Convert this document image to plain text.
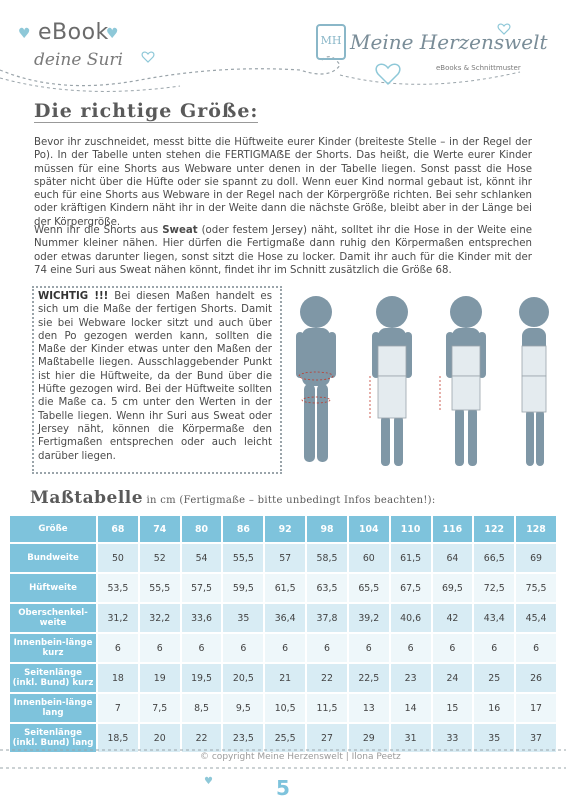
♥ eBook
♥
deine Suri
MH Meine Herzenswelt
eBooks & Schnittmuster
Die richtige Größe:
Bevor ihr zuschneidet, messt bitte die Hüftweite eurer Kinder (breiteste Stelle – in der Regel der Po). In der Tabelle unten stehen die FERTIGMAẞE der Shorts. Das heißt, die Werte eurer Kinder müssen für eine Shorts aus Webware unter denen in der Tabelle liegen. Sonst passt die Hose später nicht über die Hüfte oder sie spannt zu doll. Wenn euer Kind normal gebaut ist, könnt ihr euch für eine Shorts aus Webware in der Regel nach der Körpergröße richten. Bei sehr schlanken oder kräftigen Kindern näht ihr in der Weite dann die nächste Größe, bleibt aber in der Länge bei der Körpergröße.
Wenn ihr die Shorts aus Sweat (oder festem Jersey) näht, solltet ihr die Hose in der Weite eine Nummer kleiner nähen. Hier dürfen die Fertigmaße dann ruhig den Körpermaßen entsprechen oder etwas darunter liegen, sonst sitzt die Hose zu locker. Damit ihr auch für die Kinder mit der 74 eine Suri aus Sweat nähen könnt, findet ihr im Schnitt zusätzlich die Größe 68.
WICHTIG !!! Bei diesen Maßen handelt es sich um die Maße der fertigen Shorts. Damit sie bei Webware locker sitzt und auch über den Po gezogen werden kann, sollten die Maße der Kinder etwas unter den Maßen der Maßtabelle liegen. Ausschlaggebender Punkt ist hier die Hüftweite, da der Bund über die Hüfte gezogen wird. Bei der Hüftweite sollten die Maße ca. 5 cm unter den Werten in der Tabelle liegen. Wenn ihr Suri aus Sweat oder Jersey näht, können die Körpermaße den Fertigmaßen entsprechen oder auch leicht darüber liegen.
Maßtabelle in cm (Fertigmaße – bitte unbedingt Infos beachten!):
Größe	68	74	80	86	92	98	104	110	116	122	128
Bundweite	50	52	54	55,5	57	58,5	60	61,5	64	66,5	69
Hüftweite	53,5	55,5	57,5	59,5	61,5	63,5	65,5	67,5	69,5	72,5	75,5
Oberschenkel-weite	31,2	32,2	33,6	35	36,4	37,8	39,2	40,6	42	43,4	45,4
Innenbein-länge kurz	6	6	6	6	6	6	6	6	6	6	6
Seitenlänge (inkl. Bund) kurz	18	19	19,5	20,5	21	22	22,5	23	24	25	26
Innenbein-länge lang	7	7,5	8,5	9,5	10,5	11,5	13	14	15	16	17
Seitenlänge (inkl. Bund) lang	18,5	20	22	23,5	25,5	27	29	31	33	35	37
© copyright Meine Herzenswelt | Ilona Peetz
♥	5
